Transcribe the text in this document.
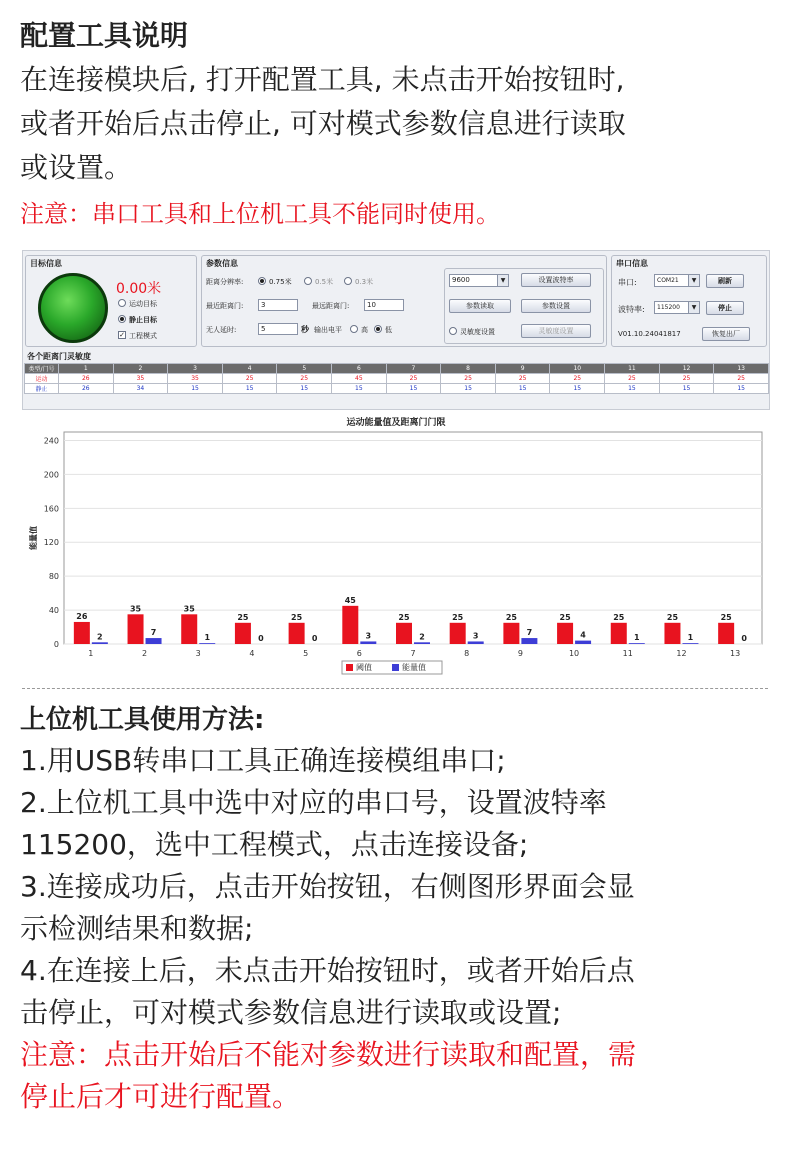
配置工具说明
在连接模块后, 打开配置工具, 未点击开始按钮时,
或者开始后点击停止, 可对模式参数信息进行读取
或设置。
注意：串口工具和上位机工具不能同时使用。
目标信息
0.00米
运动目标
静止目标
✓ 工程模式
参数信息
距离分辨率:	0.75米	0.5米	0.3米
最近距离门:	3	最远距离门:	10
无人延时:	5	秒 输出电平	高 低
9600	▼	设置波特率
参数读取	参数设置
灵敏度设置	灵敏度设置
串口信息
串口:	COM21	▼	刷新
波特率:	115200	▼	停止
V01.10.24041817	恢复出厂
各个距离门灵敏度
类型/门号	1	2	3	4	5	6	7	8	9	10	11	12	13
运动	26	35	35	25	25	45	25	25	25	25	25	25	25
静止	26	34	15	15	15	15	15	15	15	15	15	15	15
运动能量值及距离门门限
0
40
80
120
160
200
240
能量值
26
2
1
35
7
2
35
1
3
25
0
4
25
0
5
45
3
6
25
2
7
25
3
8
25
7
9
25
4
10
25
1
11
25
1
12
25
0
13
阈值	能量值
上位机工具使用方法:
1.用USB转串口工具正确连接模组串口;
2.上位机工具中选中对应的串口号，设置波特率
115200，选中工程模式，点击连接设备;
3.连接成功后，点击开始按钮，右侧图形界面会显
示检测结果和数据;
4.在连接上后，未点击开始按钮时，或者开始后点
击停止，可对模式参数信息进行读取或设置;
注意：点击开始后不能对参数进行读取和配置，需
停止后才可进行配置。
